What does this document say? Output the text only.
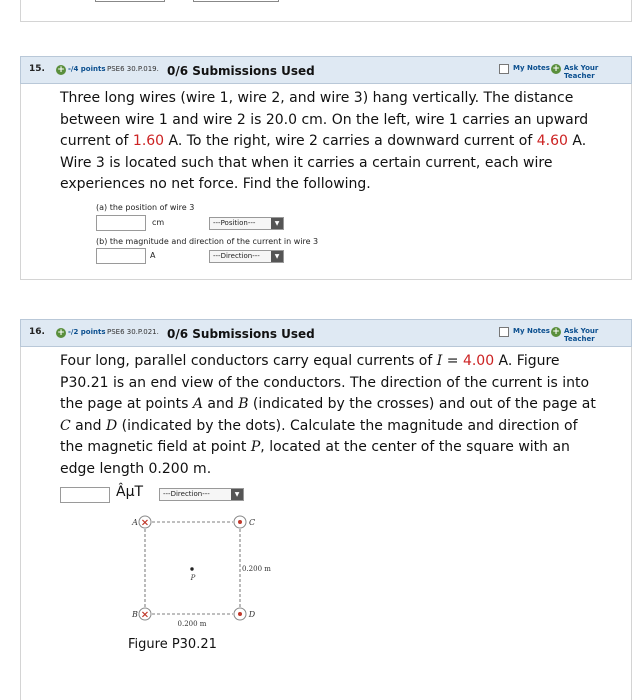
15. + -/4 points PSE6 30.P.019. 0/6 Submissions Used	My Notes + Ask Your Teacher
Three long wires (wire 1, wire 2, and wire 3) hang vertically. The distance
between wire 1 and wire 2 is 20.0 cm. On the left, wire 1 carries an upward
current of 1.60 A. To the right, wire 2 carries a downward current of 4.60 A.
Wire 3 is located such that when it carries a certain current, each wire
experiences no net force. Find the following.
(a) the position of wire 3
cm	---Position---	▼
(b) the magnitude and direction of the current in wire 3
A	---Direction---	▼
16. + -/2 points PSE6 30.P.021. 0/6 Submissions Used	My Notes + Ask Your Teacher
Four long, parallel conductors carry equal currents of I = 4.00 A. Figure
P30.21 is an end view of the conductors. The direction of the current is into
the page at points A and B (indicated by the crosses) and out of the page at
C and D (indicated by the dots). Calculate the magnitude and direction of
the magnetic field at point P, located at the center of the square with an
edge length 0.200 m.
ÂµT	---Direction---	▼
×
A
×
B
C
D
P
0.200 m
0.200 m
Figure P30.21
